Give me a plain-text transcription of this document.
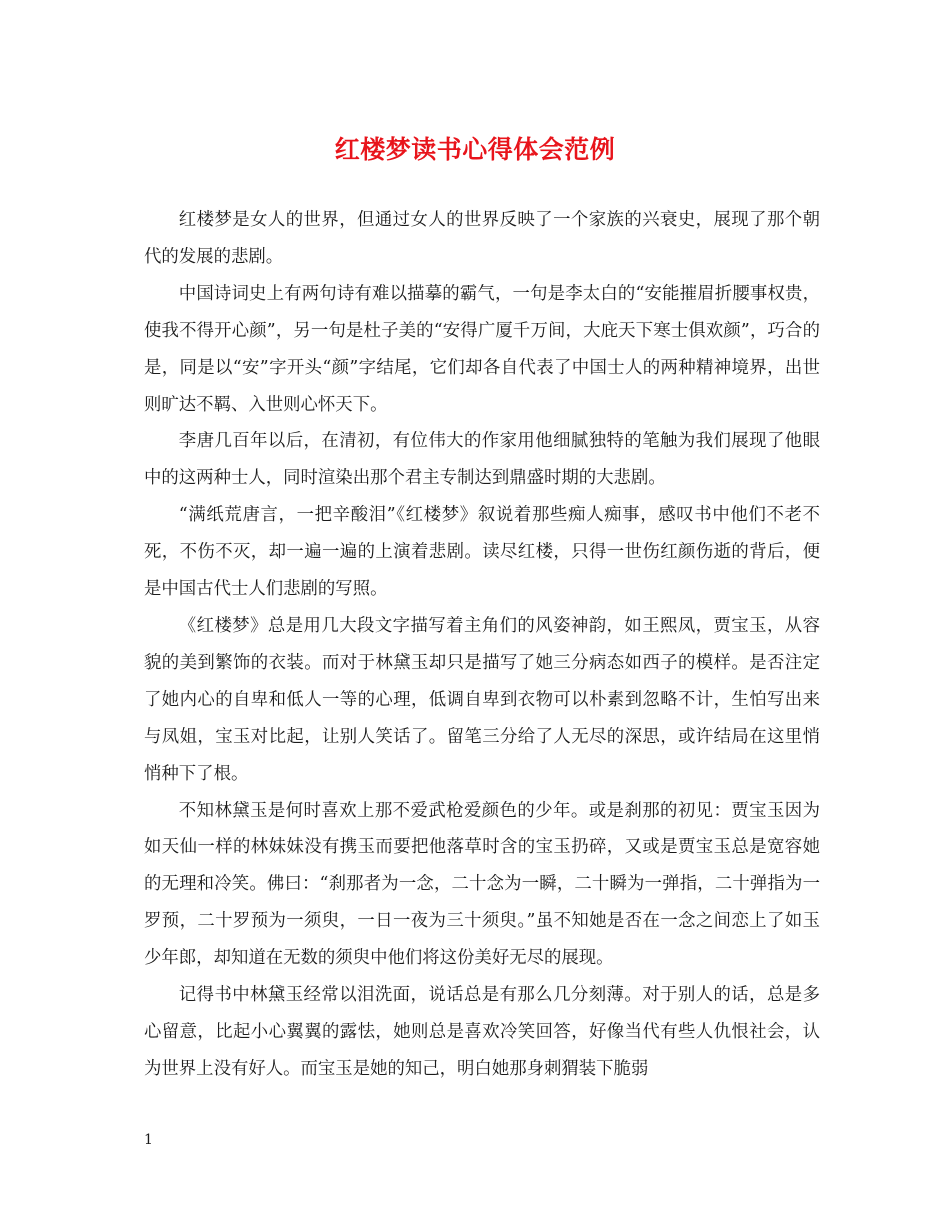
红楼梦读书心得体会范例

红楼梦是女人的世界，但通过女人的世界反映了一个家族的兴衰史，展现了那个朝代的发展的悲剧。

中国诗词史上有两句诗有难以描摹的霸气，一句是李太白的“安能摧眉折腰事权贵，使我不得开心颜”，另一句是杜子美的“安得广厦千万间，大庇天下寒士俱欢颜”，巧合的是，同是以“安”字开头“颜”字结尾，它们却各自代表了中国士人的两种精神境界，出世则旷达不羁、入世则心怀天下。

李唐几百年以后，在清初，有位伟大的作家用他细腻独特的笔触为我们展现了他眼中的这两种士人，同时渲染出那个君主专制达到鼎盛时期的大悲剧。

“满纸荒唐言，一把辛酸泪”《红楼梦》叙说着那些痴人痴事，感叹书中他们不老不死，不伤不灭，却一遍一遍的上演着悲剧。读尽红楼，只得一世伤红颜伤逝的背后，便是中国古代士人们悲剧的写照。

《红楼梦》总是用几大段文字描写着主角们的风姿神韵，如王熙凤，贾宝玉，从容貌的美到繁饰的衣装。而对于林黛玉却只是描写了她三分病态如西子的模样。是否注定了她内心的自卑和低人一等的心理，低调自卑到衣物可以朴素到忽略不计，生怕写出来与凤姐，宝玉对比起，让别人笑话了。留笔三分给了人无尽的深思，或许结局在这里悄悄种下了根。

不知林黛玉是何时喜欢上那不爱武枪爱颜色的少年。或是刹那的初见：贾宝玉因为如天仙一样的林妹妹没有携玉而要把他落草时含的宝玉扔碎，又或是贾宝玉总是宽容她的无理和冷笑。佛曰：“刹那者为一念，二十念为一瞬，二十瞬为一弹指，二十弹指为一罗预，二十罗预为一须臾，一日一夜为三十须臾。”虽不知她是否在一念之间恋上了如玉少年郎，却知道在无数的须臾中他们将这份美好无尽的展现。

记得书中林黛玉经常以泪洗面，说话总是有那么几分刻薄。对于别人的话，总是多心留意，比起小心翼翼的露怯，她则总是喜欢冷笑回答，好像当代有些人仇恨社会，认为世界上没有好人。而宝玉是她的知己，明白她那身刺猬装下脆弱

1
